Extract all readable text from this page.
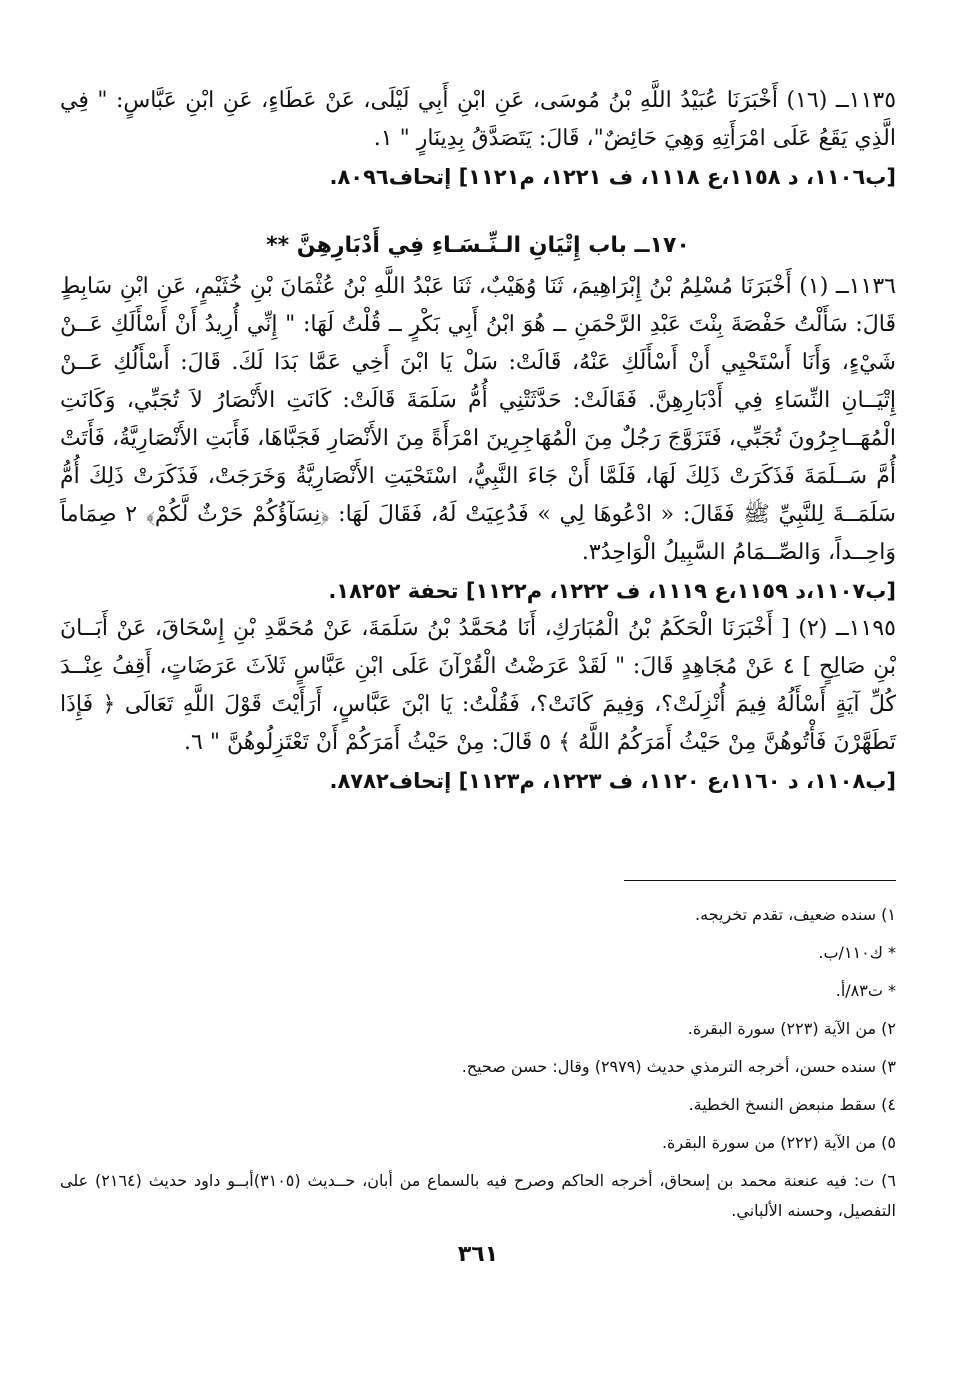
١١٣٥ــ (١٦) أَخْبَرَنَا عُبَيْدُ اللَّهِ بْنُ مُوسَى، عَنِ ابْنِ أَبِي لَيْلَى، عَنْ عَطَاءٍ، عَنِ ابْنِ عَبَّاسٍ: " فِي الَّذِي يَقَعُ عَلَى امْرَأَتِهِ وَهِيَ حَائِضٌ"، قَالَ: يَتَصَدَّقُ بِدِينَارٍ " ١.

[ب١١٠٦، د ١١٥٨،ع ١١١٨، ف ١٢٢١، م١١٢١] إتحاف٨٠٩٦.

١٧٠ــ باب إِتْيَانِ الـنِّـسَـاءِ فِي أَدْبَارِهِنَّ **

١١٣٦ــ (١) أَخْبَرَنَا مُسْلِمُ بْنُ إِبْرَاهِيمَ، ثَنَا وُهَيْبٌ، ثَنَا عَبْدُ اللَّهِ بْنُ عُثْمَانَ بْنِ خُثَيْمٍ، عَنِ ابْنِ سَابِطٍ قَالَ: سَأَلْتُ حَفْصَةَ بِنْتَ عَبْدِ الرَّحْمَنِ ــ هُوَ ابْنُ أَبِي بَكْرٍ ــ قُلْتُ لَهَا: " إِنِّي أُرِيدُ أَنْ أَسْأَلَكِ عَــنْ شَيْءٍ، وَأَنَا أَسْتَحْيِي أَنْ أَسْأَلَكِ عَنْهُ، قَالَتْ: سَلْ يَا ابْنَ أَخِي عَمَّا بَدَا لَكَ. قَالَ: أَسْأَلُكِ عَــنْ إِتْيَــانِ النِّسَاءِ فِي أَدْبَارِهِنَّ. فَقَالَتْ: حَدَّثَتْنِي أُمُّ سَلَمَةَ قَالَتْ: كَانَتِ الأَنْصَارُ لاَ تُجَبِّي، وَكَانَتِ الْمُهَــاجِرُونَ تُجَبِّي، فَتَزَوَّجَ رَجُلٌ مِنَ الْمُهَاجِرِينَ امْرَأَةً مِنَ الأَنْصَارِ فَجَبَّاهَا، فَأَبَتِ الأَنْصَارِيَّةُ، فَأَتَتْ أُمَّ سَــلَمَةَ فَذَكَرَتْ ذَلِكَ لَهَا، فَلَمَّا أَنْ جَاءَ النَّبِيُّ، اسْتَحْيَتِ الأَنْصَارِيَّةُ وَخَرَجَتْ، فَذَكَرَتْ ذَلِكَ أُمُّ سَلَمَــةَ لِلنَّبِيِّ ﷺ فَقَالَ: « ادْعُوهَا لِي » فَدُعِيَتْ لَهُ، فَقَالَ لَهَا: ﴿نِسَآؤُكُمْ حَرْثٌ لَّكُمْ﴾ ٢ صِمَاماً وَاحِــداً، وَالصِّــمَامُ السَّبِيلُ الْوَاحِدُ٣.

[ب١١٠٧،د ١١٥٩،ع ١١١٩، ف ١٢٢٢، م١١٢٢] تحفة ١٨٢٥٢.

١١٩٥ــ (٢) [ أَخْبَرَنَا الْحَكَمُ بْنُ الْمُبَارَكِ، أَنَا مُحَمَّدُ بْنُ سَلَمَةَ، عَنْ مُحَمَّدِ بْنِ إِسْحَاقَ، عَنْ أَبَــانَ بْنِ صَالِحٍ ] ٤ عَنْ مُجَاهِدٍ قَالَ: " لَقَدْ عَرَضْتُ الْقُرْآنَ عَلَى ابْنِ عَبَّاسٍ ثَلاَثَ عَرَضَاتٍ، أَقِفُ عِنْــدَ كُلِّ آيَةٍ أَسْأَلُهُ فِيمَ أُنْزِلَتْ؟، وَفِيمَ كَانَتْ؟، فَقُلْتُ: يَا ابْنَ عَبَّاسٍ، أَرَأَيْتَ قَوْلَ اللَّهِ تَعَالَى ﴿ فَإِذَا تَطَهَّرْنَ فَأْتُوهُنَّ مِنْ حَيْثُ أَمَرَكُمُ اللَّهُ ﴾ ٥ قَالَ: مِنْ حَيْثُ أَمَرَكُمْ أَنْ تَعْتَزِلُوهُنَّ " ٦.

[ب١١٠٨، د ١١٦٠،ع ١١٢٠، ف ١٢٢٣، م١١٢٣] إتحاف٨٧٨٢.

١) سنده ضعيف، تقدم تخريجه.

* ك١١٠/ب.

* ت٨٣/أ.

٢) من الآية (٢٢٣) سورة البقرة.

٣) سنده حسن، أخرجه الترمذي حديث (٢٩٧٩) وقال: حسن صحيح.

٤) سقط منبعض النسخ الخطية.

٥) من الآية (٢٢٢) من سورة البقرة.

٦) ت: فيه عنعنة محمد بن إسحاق، أخرجه الحاكم وصرح فيه بالسماع من أبان، حــديث (٣١٠٥)أبــو داود حديث (٢١٦٤) على التفصيل، وحسنه الألباني.

٣٦١
